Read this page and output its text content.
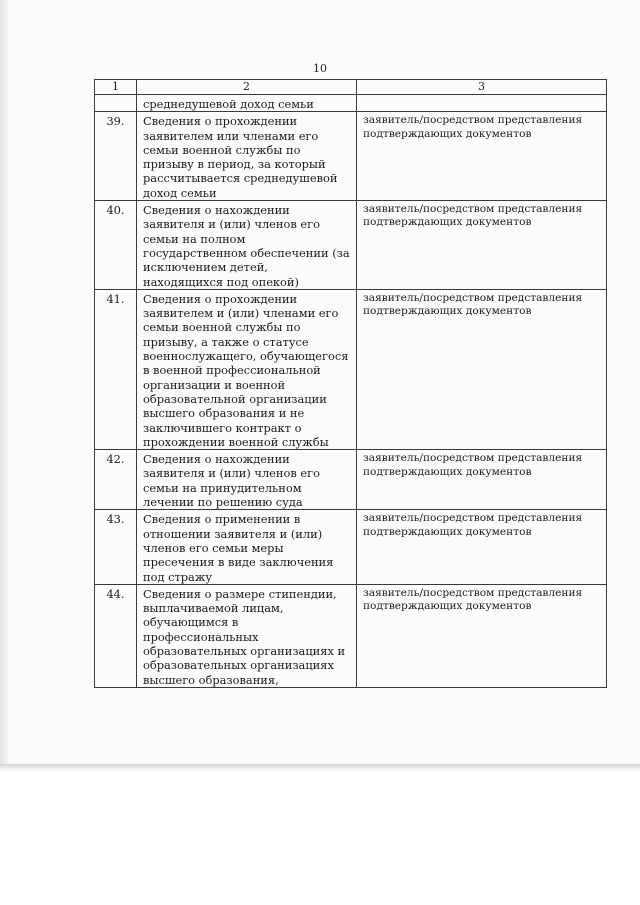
10
1	2	3
	среднедушевой доход семьи	
39.	Сведения о прохождении заявителем или членами его семьи военной службы по призыву в период, за который рассчитывается среднедушевой доход семьи	заявитель/посредством представления подтверждающих документов
40.	Сведения о нахождении заявителя и (или) членов его семьи на полном государственном обеспечении (за исключением детей, находящихся под опекой)	заявитель/посредством представления подтверждающих документов
41.	Сведения о прохождении заявителем и (или) членами его семьи военной службы по призыву, а также о статусе военнослужащего, обучающегося в военной профессиональной организации и военной образовательной организации высшего образования и не заключившего контракт о прохождении военной службы	заявитель/посредством представления подтверждающих документов
42.	Сведения о нахождении заявителя и (или) членов его семьи на принудительном лечении по решению суда	заявитель/посредством представления подтверждающих документов
43.	Сведения о применении в отношении заявителя и (или) членов его семьи меры пресечения в виде заключения под стражу	заявитель/посредством представления подтверждающих документов
44.	Сведения о размере стипендии, выплачиваемой лицам, обучающимся в профессиональных образовательных организациях и образовательных организациях высшего образования,	заявитель/посредством представления подтверждающих документов
